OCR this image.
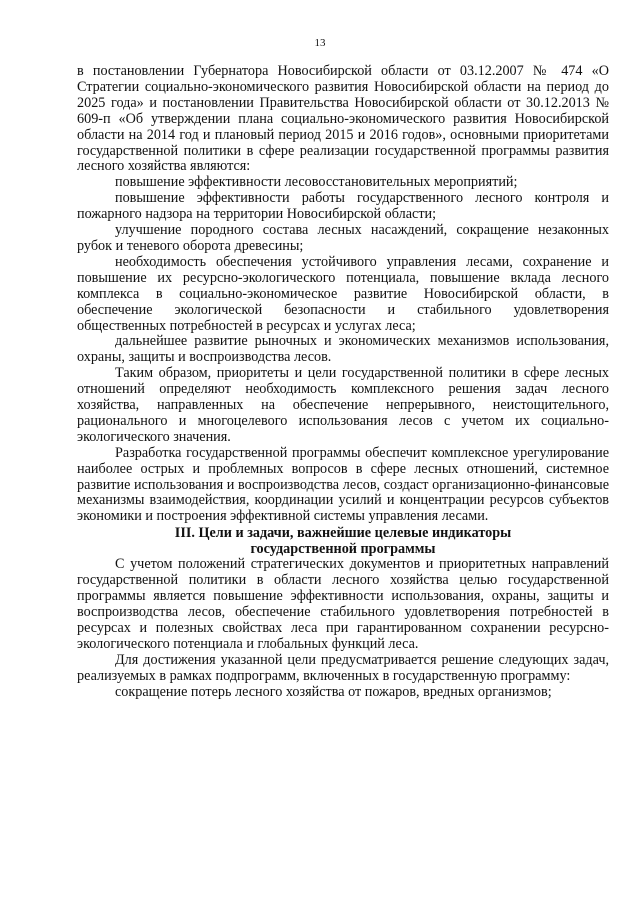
13

в постановлении Губернатора Новосибирской области от 03.12.2007 № 474 «О Стратегии социально-экономического развития Новосибирской области на период до 2025 года» и постановлении Правительства Новосибирской области от 30.12.2013 № 609-п «Об утверждении плана социально-экономического развития Новосибирской области на 2014 год и плановый период 2015 и 2016 годов», основными приоритетами государственной политики в сфере реализации государственной программы развития лесного хозяйства являются:

повышение эффективности лесовосстановительных мероприятий;

повышение эффективности работы государственного лесного контроля и пожарного надзора на территории Новосибирской области;

улучшение породного состава лесных насаждений, сокращение незаконных рубок и теневого оборота древесины;

необходимость обеспечения устойчивого управления лесами, сохранение и повышение их ресурсно-экологического потенциала, повышение вклада лесного комплекса в социально-экономическое развитие Новосибирской области, в обеспечение экологической безопасности и стабильного удовлетворения общественных потребностей в ресурсах и услугах леса;

дальнейшее развитие рыночных и экономических механизмов использования, охраны, защиты и воспроизводства лесов.

Таким образом, приоритеты и цели государственной политики в сфере лесных отношений определяют необходимость комплексного решения задач лесного хозяйства, направленных на обеспечение непрерывного, неистощительного, рационального и многоцелевого использования лесов с учетом их социально-экологического значения.

Разработка государственной программы обеспечит комплексное урегулирование наиболее острых и проблемных вопросов в сфере лесных отношений, системное развитие использования и воспроизводства лесов, создаст организационно-финансовые механизмы взаимодействия, координации усилий и концентрации ресурсов субъектов экономики и построения эффективной системы управления лесами.

III. Цели и задачи, важнейшие целевые индикаторы
государственной программы

С учетом положений стратегических документов и приоритетных направлений государственной политики в области лесного хозяйства целью государственной программы является повышение эффективности использования, охраны, защиты и воспроизводства лесов, обеспечение стабильного удовлетворения потребностей в ресурсах и полезных свойствах леса при гарантированном сохранении ресурсно-экологического потенциала и глобальных функций леса.

Для достижения указанной цели предусматривается решение следующих задач, реализуемых в рамках подпрограмм, включенных в государственную программу:

сокращение потерь лесного хозяйства от пожаров, вредных организмов;
